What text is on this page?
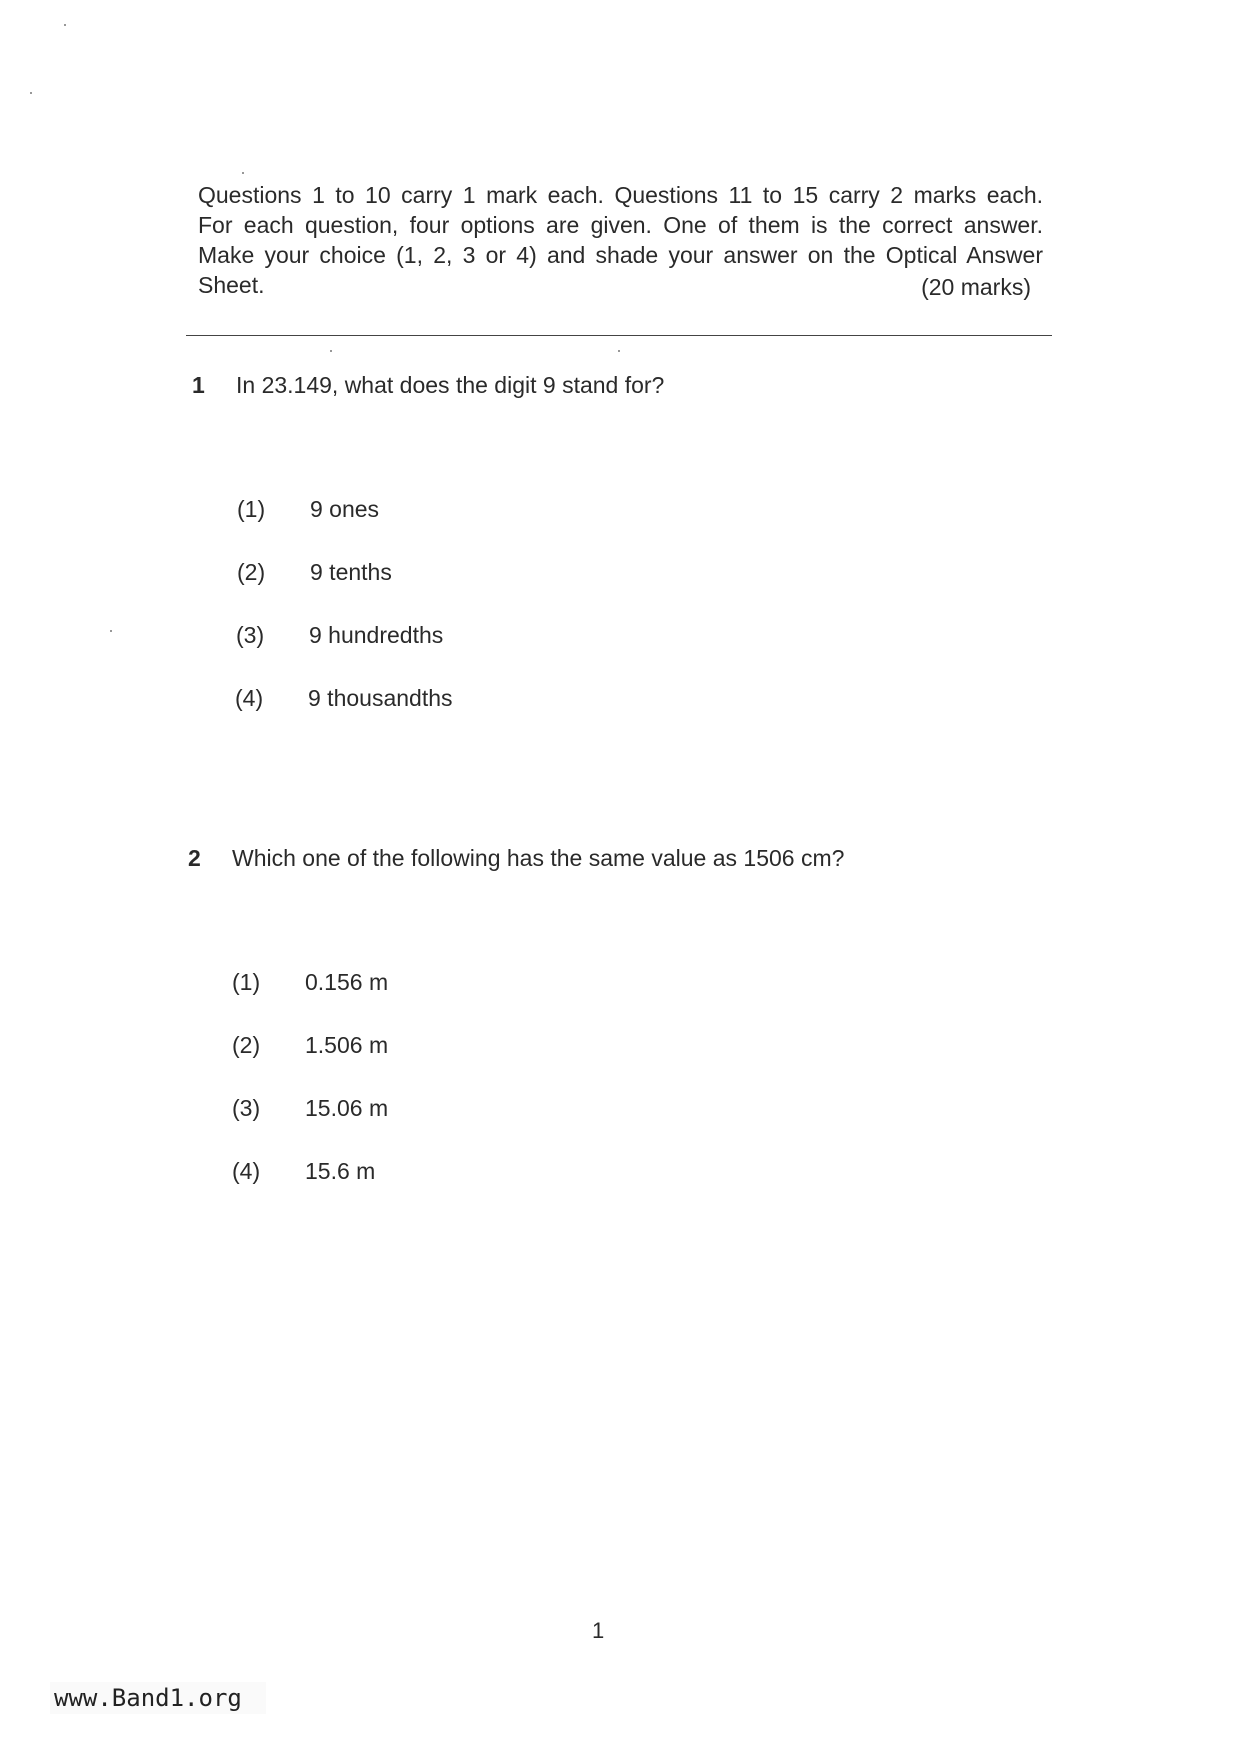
Questions 1 to 10 carry 1 mark each. Questions 11 to 15 carry 2 marks each.
For each question, four options are given. One of them is the correct answer.
Make your choice (1, 2, 3 or 4) and shade your answer on the Optical Answer
Sheet.	(20 marks)
1 In 23.149, what does the digit 9 stand for?
(1) 9 ones
(2) 9 tenths
(3) 9 hundredths
(4) 9 thousandths
2 Which one of the following has the same value as 1506 cm?
(1) 0.156 m
(2) 1.506 m
(3) 15.06 m
(4) 15.6 m
1
www.Band1.org
